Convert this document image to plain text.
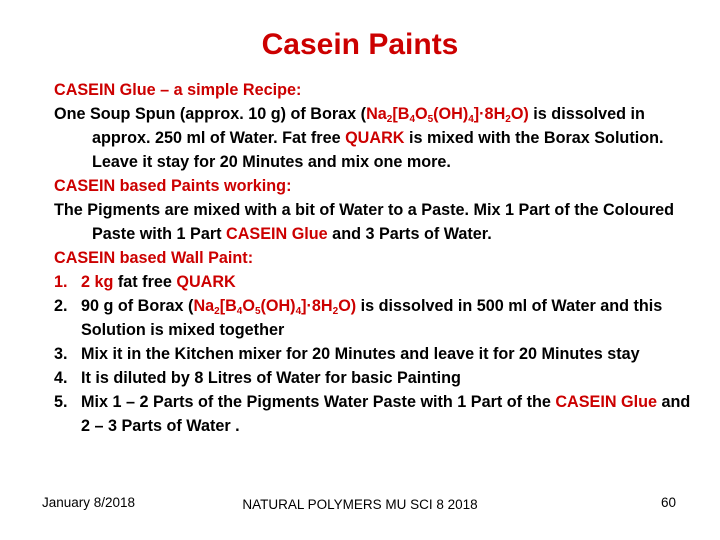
Casein Paints

CASEIN Glue – a simple Recipe:

One Soup Spun (approx. 10 g) of Borax $(Na_2[B_4O_5(OH)_4]\cdot 8H_2O)$ is dissolved in approx. 250 ml of Water. Fat free QUARK is mixed with the Borax Solution. Leave it stay for 20 Minutes and mix one more.

CASEIN based Paints working:

The Pigments are mixed with a bit of Water to a Paste. Mix 1 Part of the Coloured Paste with 1 Part CASEIN Glue and 3 Parts of Water.

CASEIN based Wall Paint:

1. 2 kg fat free QUARK

2. 90 g of Borax $(Na_2[B_4O_5(OH)_4]\cdot 8H_2O)$ is dissolved in 500 ml of Water and this Solution is mixed together

3. Mix it in the Kitchen mixer for 20 Minutes and leave it for 20 Minutes stay

4. It is diluted by 8 Litres of Water for basic Painting

5. Mix 1 – 2 Parts of the Pigments Water Paste with 1 Part of the CASEIN Glue and 2 – 3 Parts of Water .

January 8/2018	NATURAL POLYMERS MU SCI 8 2018	60
